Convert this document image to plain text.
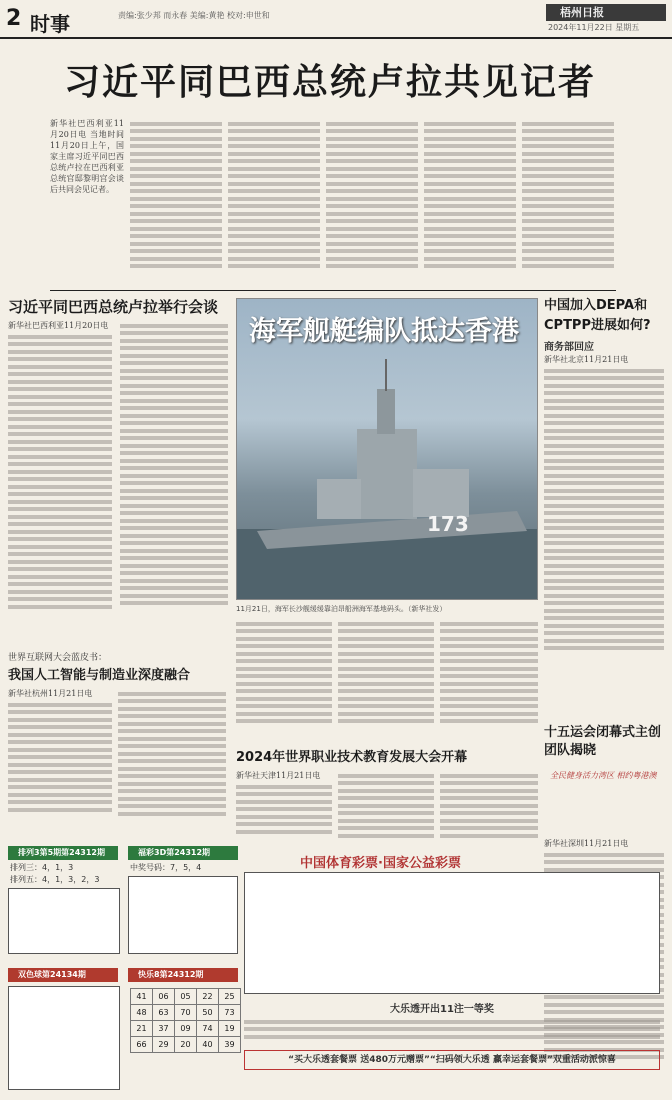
2 时事	责编:张少邦 而永春 美编:黄艳 校对:申世和	梧州日报
2024年11月22日 星期五
习近平同巴西总统卢拉共见记者
新华社巴西利亚11月20日电 当地时间11月20日上午，国家主席习近平同巴西总统卢拉在巴西利亚总统官邸黎明宫会谈后共同会见记者。
习近平同巴西总统卢拉举行会谈
新华社巴西利亚11月20日电	海军舰艇编队抵达香港
173
11月21日，海军长沙舰缓缓靠泊昂船洲海军基地码头。（新华社发）
中国加入DEPA和CPTPP进展如何?
商务部回应
新华社北京11月21日电
世界互联网大会蓝皮书：
我国人工智能与制造业深度融合
新华社杭州11月21日电
2024年世界职业技术教育发展大会开幕
新华社天津11月21日电
十五运会闭幕式主创团队揭晓
全民健身活力湾区 相约粤港澳
新华社深圳11月21日电
排列3第5期第24312期
排列三：4，1，3
排列五：4，1，3，2，3
福彩3D第24312期
中奖号码：7，5，4
双色球第24134期	快乐8第24312期
41	06	05	22	25
48	63	70	50	73
21	37	09	74	19
66	29	20	40	39
中国体育彩票·国家公益彩票
大乐透开出11注一等奖
“买大乐透套餐票 送480万元赠票”“扫码领大乐透 赢幸运套餐票”双重活动派惊喜
